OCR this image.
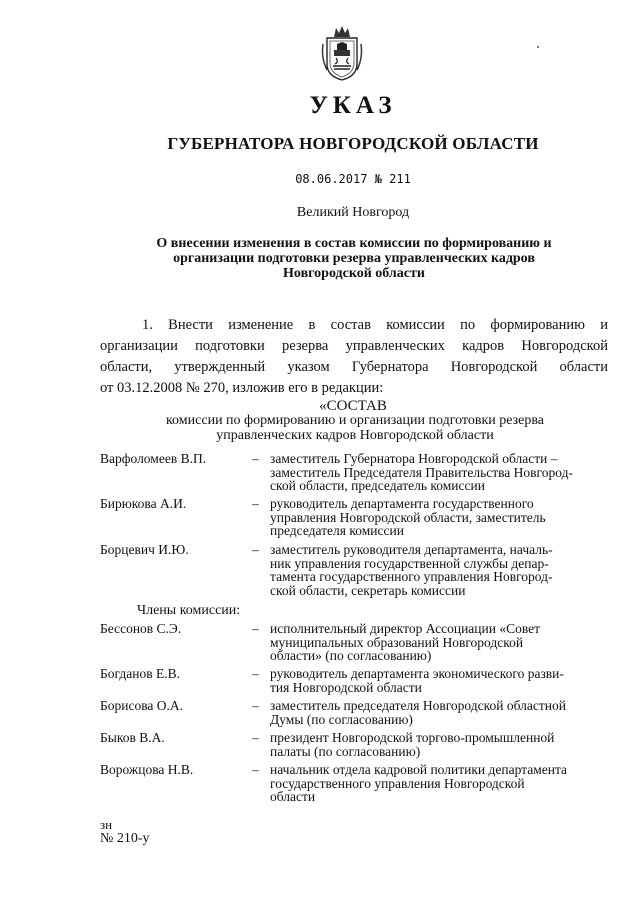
УКАЗ
ГУБЕРНАТОРА НОВГОРОДСКОЙ ОБЛАСТИ
08.06.2017 № 211
Великий Новгород
О внесении изменения в состав комиссии по формированию и
организации подготовки резерва управленческих кадров
Новгородской области
1. Внести изменение в состав комиссии по формированию и
организации подготовки резерва управленческих кадров Новгородской
области, утвержденный указом Губернатора Новгородской области
от 03.12.2008 № 270, изложив его в редакции:
«СОСТАВ
комиссии по формированию и организации подготовки резерва
управленческих кадров Новгородской области
Варфоломеев В.П.	– заместитель Губернатора Новгородской области –
заместитель Председателя Правительства Новгород-
ской области, председатель комиссии
Бирюкова А.И.	– руководитель департамента государственного
управления Новгородской области, заместитель
председателя комиссии
Борцевич И.Ю.	– заместитель руководителя департамента, началь-
ник управления государственной службы депар-
тамента государственного управления Новгород-
ской области, секретарь комиссии
Члены комиссии:
Бессонов С.Э.	– исполнительный директор Ассоциации «Совет
муниципальных образований Новгородской
области» (по согласованию)
Богданов Е.В.	– руководитель департамента экономического разви-
тия Новгородской области
Борисова О.А.	– заместитель председателя Новгородской областной
Думы (по согласованию)
Быков В.А.	– президент Новгородской торгово-промышленной
палаты (по согласованию)
Ворожцова Н.В.	– начальник отдела кадровой политики департамента
государственного управления Новгородской
области
зн
№ 210-у
